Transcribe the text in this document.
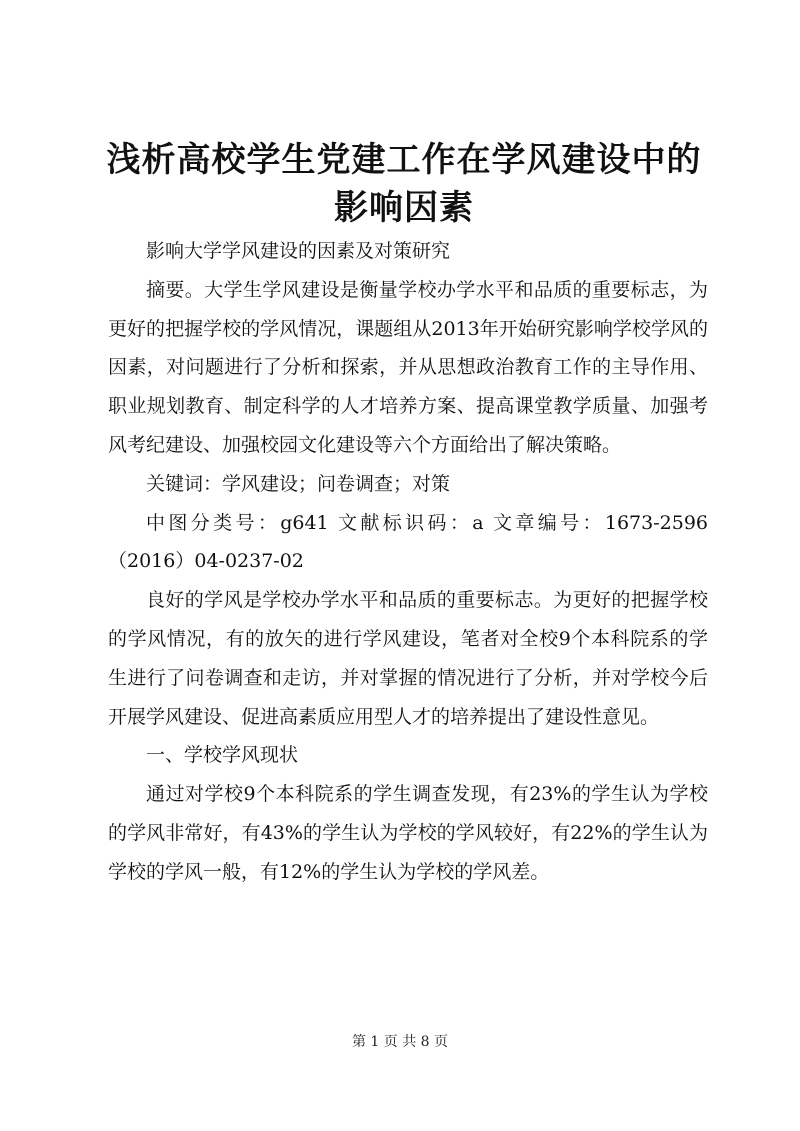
浅析高校学生党建工作在学风建设中的影响因素

影响大学学风建设的因素及对策研究

摘要。大学生学风建设是衡量学校办学水平和品质的重要标志，为更好的把握学校的学风情况，课题组从2013年开始研究影响学校学风的因素，对问题进行了分析和探索，并从思想政治教育工作的主导作用、职业规划教育、制定科学的人才培养方案、提高课堂教学质量、加强考风考纪建设、加强校园文化建设等六个方面给出了解决策略。

关键词：学风建设；问卷调查；对策

中图分类号：g641 文献标识码：a 文章编号：1673-2596（2016）04-0237-02

良好的学风是学校办学水平和品质的重要标志。为更好的把握学校的学风情况，有的放矢的进行学风建设，笔者对全校9个本科院系的学生进行了问卷调查和走访，并对掌握的情况进行了分析，并对学校今后开展学风建设、促进高素质应用型人才的培养提出了建设性意见。

一、学校学风现状

通过对学校9个本科院系的学生调查发现，有23%的学生认为学校的学风非常好，有43%的学生认为学校的学风较好，有22%的学生认为学校的学风一般，有12%的学生认为学校的学风差。

第 1 页 共 8 页
